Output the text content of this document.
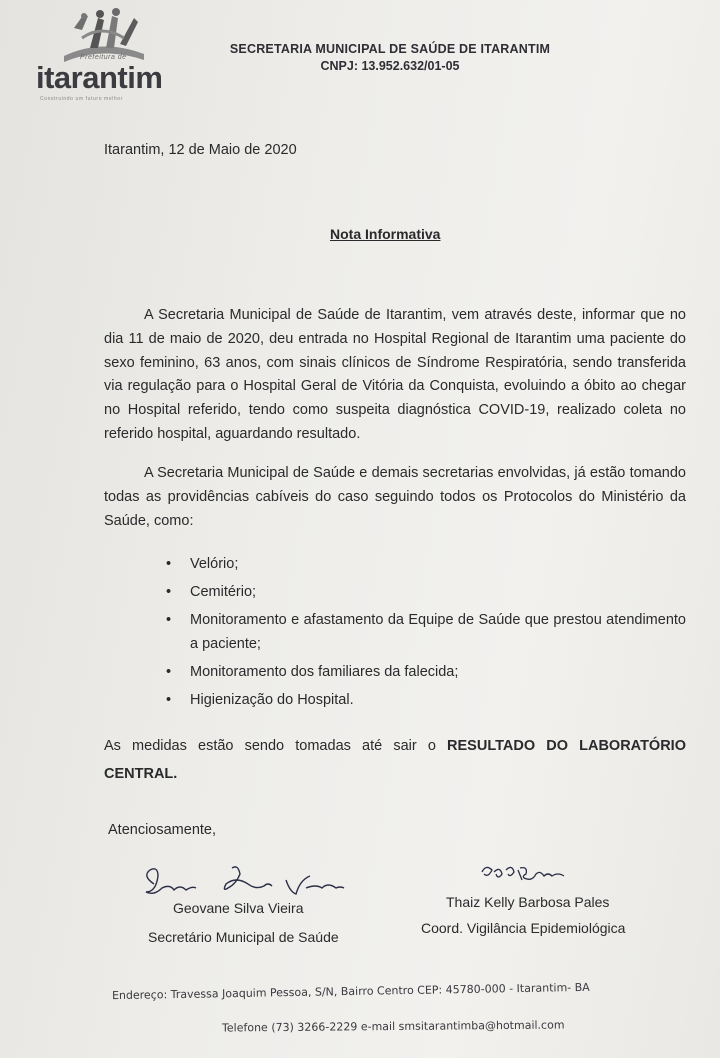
Prefeitura de
itarantim
Construindo um futuro melhor
SECRETARIA MUNICIPAL DE SAÚDE DE ITARANTIM
CNPJ: 13.952.632/01-05
Itarantim, 12 de Maio de 2020
Nota Informativa
A Secretaria Municipal de Saúde de Itarantim, vem através deste, informar que no dia 11 de maio de 2020, deu entrada no Hospital Regional de Itarantim uma paciente do sexo feminino, 63 anos, com sinais clínicos de Síndrome Respiratória, sendo transferida via regulação para o Hospital Geral de Vitória da Conquista, evoluindo a óbito ao chegar no Hospital referido, tendo como suspeita diagnóstica COVID-19, realizado coleta no referido hospital, aguardando resultado.
A Secretaria Municipal de Saúde e demais secretarias envolvidas, já estão tomando todas as providências cabíveis do caso seguindo todos os Protocolos do Ministério da Saúde, como:
• Velório;
• Cemitério;
• Monitoramento e afastamento da Equipe de Saúde que prestou atendimento a paciente;
• Monitoramento dos familiares da falecida;
• Higienização do Hospital.
As medidas estão sendo tomadas até sair o RESULTADO DO LABORATÓRIO CENTRAL.
Atenciosamente,
Geovane Silva Vieira
Secretário Municipal de Saúde
Thaiz Kelly Barbosa Pales
Coord. Vigilância Epidemiológica
Endereço: Travessa Joaquim Pessoa, S/N, Bairro Centro CEP: 45780-000 - Itarantim- BA
Telefone (73) 3266-2229 e-mail smsitarantimba@hotmail.com
